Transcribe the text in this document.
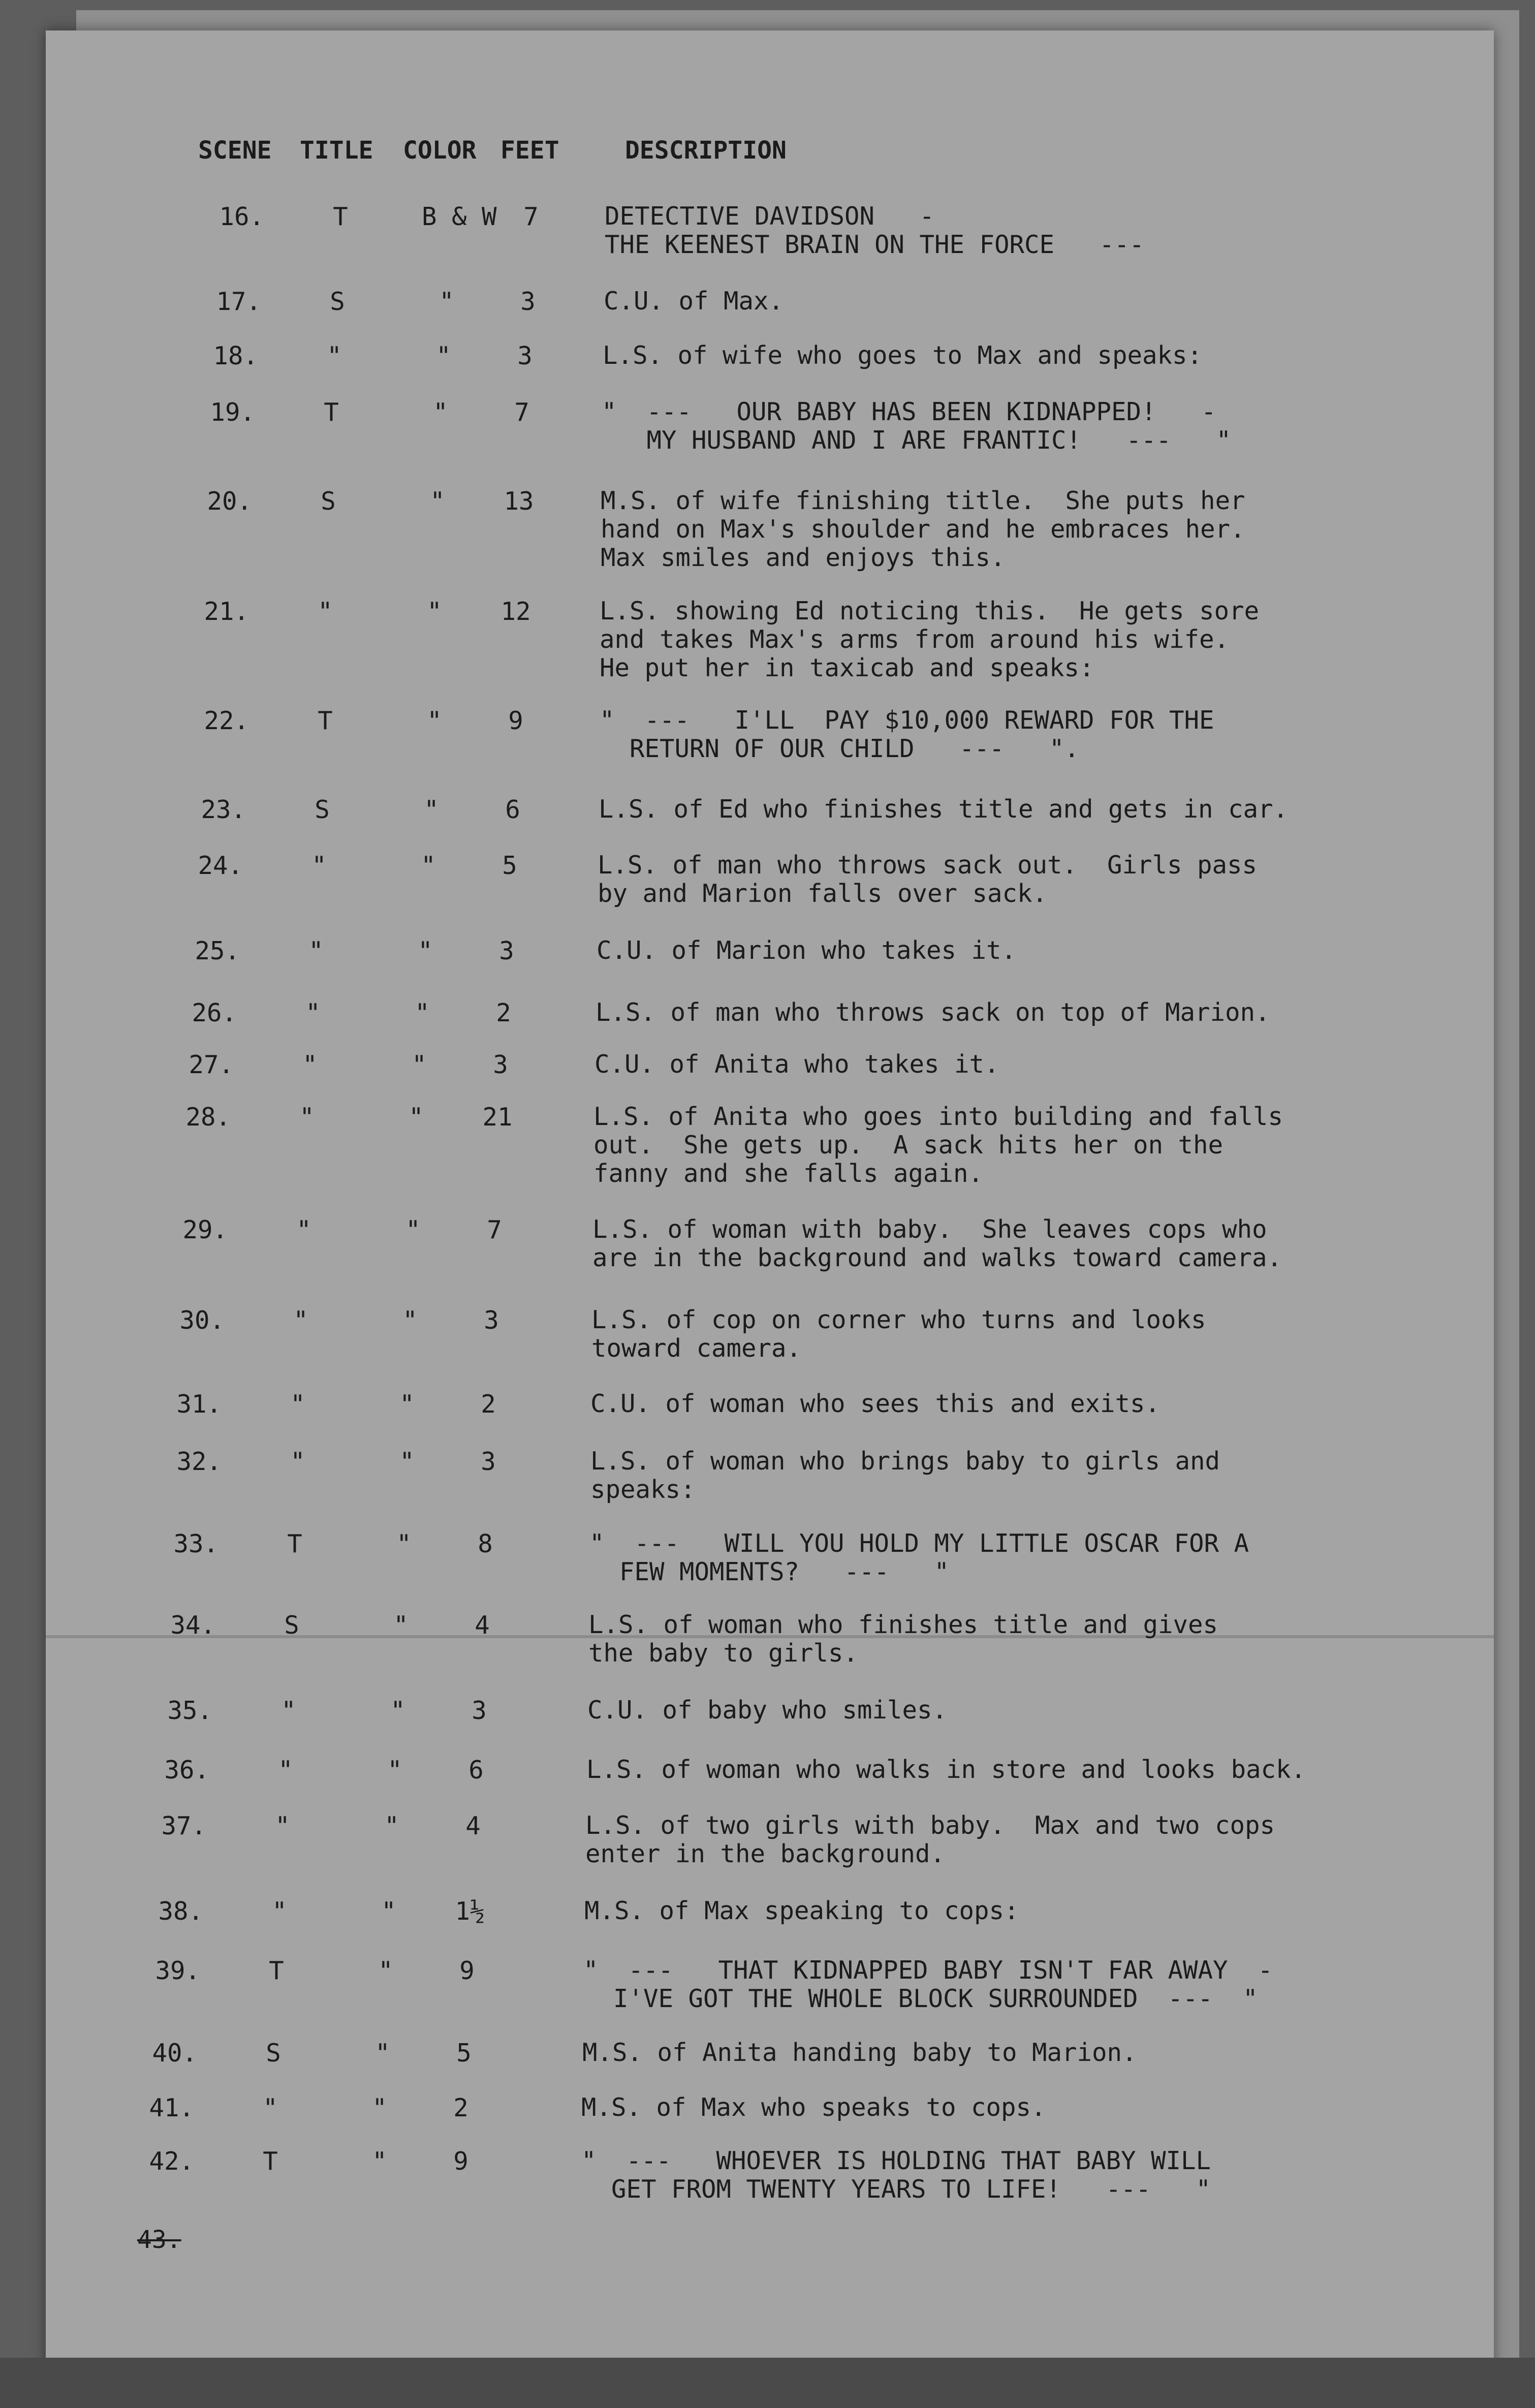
SCENE TITLE COLOR FEET	DESCRIPTION
16.	T	B & W	7	DETECTIVE DAVIDSON   -
THE KEENEST BRAIN ON THE FORCE   ---
17.	S	"	3	C.U. of Max.
18.	"	"	3	L.S. of wife who goes to Max and speaks:
19.	T	"	7	"  ---   OUR BABY HAS BEEN KIDNAPPED!   -
MY HUSBAND AND I ARE FRANTIC!   ---   "
20.	S	"	13	M.S. of wife finishing title.  She puts her
hand on Max's shoulder and he embraces her.
Max smiles and enjoys this.
21.	"	"	12	L.S. showing Ed noticing this.  He gets sore
and takes Max's arms from around his wife.
He put her in taxicab and speaks:
22.	T	"	9	"  ---   I'LL  PAY $10,000 REWARD FOR THE
RETURN OF OUR CHILD   ---   ".
23.	S	"	6	L.S. of Ed who finishes title and gets in car.
24.	"	"	5	L.S. of man who throws sack out.  Girls pass
by and Marion falls over sack.
25.	"	"	3	C.U. of Marion who takes it.
26.	"	"	2	L.S. of man who throws sack on top of Marion.
27.	"	"	3	C.U. of Anita who takes it.
28.	"	"	21	L.S. of Anita who goes into building and falls
out.  She gets up.  A sack hits her on the
fanny and she falls again.
29.	"	"	7	L.S. of woman with baby.  She leaves cops who
are in the background and walks toward camera.
30.	"	"	3	L.S. of cop on corner who turns and looks
toward camera.
31.	"	"	2	C.U. of woman who sees this and exits.
32.	"	"	3	L.S. of woman who brings baby to girls and
speaks:
33.	T	"	8	"  ---   WILL YOU HOLD MY LITTLE OSCAR FOR A
FEW MOMENTS?   ---   "
34.	S	"	4	L.S. of woman who finishes title and gives
the baby to girls.
35.	"	"	3	C.U. of baby who smiles.
36.	"	"	6	L.S. of woman who walks in store and looks back.
37.	"	"	4	L.S. of two girls with baby.  Max and two cops
enter in the background.
38.	"	"	1½	M.S. of Max speaking to cops:
39.	T	"	9	"  ---   THAT KIDNAPPED BABY ISN'T FAR AWAY  -
I'VE GOT THE WHOLE BLOCK SURROUNDED  ---  "
40.	S	"	5	M.S. of Anita handing baby to Marion.
41.	"	"	2	M.S. of Max who speaks to cops.
42.	T	"	9	"  ---   WHOEVER IS HOLDING THAT BABY WILL
GET FROM TWENTY YEARS TO LIFE!   ---   "
43.
